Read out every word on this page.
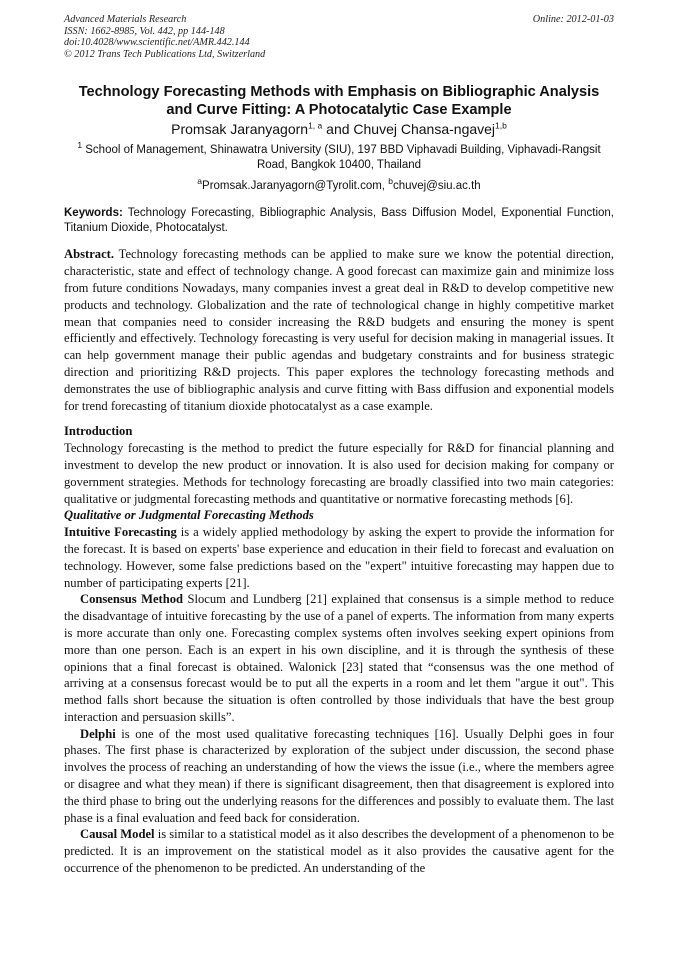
Advanced Materials Research
ISSN: 1662-8985, Vol. 442, pp 144-148
doi:10.4028/www.scientific.net/AMR.442.144
© 2012 Trans Tech Publications Ltd, Switzerland
Online: 2012-01-03
Technology Forecasting Methods with Emphasis on Bibliographic Analysis and Curve Fitting: A Photocatalytic Case Example
Promsak Jaranyagorn$^{1, a}$ and Chuvej Chansa-ngavej$^{1,b}$
$^1$ School of Management, Shinawatra University (SIU), 197 BBD Viphavadi Building, Viphavadi-Rangsit Road, Bangkok 10400, Thailand
$^a$Promsak.Jaranyagorn@Tyrolit.com, $^b$chuvej@siu.ac.th
Keywords: Technology Forecasting, Bibliographic Analysis, Bass Diffusion Model, Exponential Function, Titanium Dioxide, Photocatalyst.

Abstract. Technology forecasting methods can be applied to make sure we know the potential direction, characteristic, state and effect of technology change. A good forecast can maximize gain and minimize loss from future conditions Nowadays, many companies invest a great deal in R&D to develop competitive new products and technology. Globalization and the rate of technological change in highly competitive market mean that companies need to consider increasing the R&D budgets and ensuring the money is spent efficiently and effectively. Technology forecasting is very useful for decision making in managerial issues. It can help government manage their public agendas and budgetary constraints and for business strategic direction and prioritizing R&D projects. This paper explores the technology forecasting methods and demonstrates the use of bibliographic analysis and curve fitting with Bass diffusion and exponential models for trend forecasting of titanium dioxide photocatalyst as a case example.

Introduction

Technology forecasting is the method to predict the future especially for R&D for financial planning and investment to develop the new product or innovation. It is also used for decision making for company or government strategies. Methods for technology forecasting are broadly classified into two main categories: qualitative or judgmental forecasting methods and quantitative or normative forecasting methods [6].

Qualitative or Judgmental Forecasting Methods

Intuitive Forecasting is a widely applied methodology by asking the expert to provide the information for the forecast. It is based on experts' base experience and education in their field to forecast and evaluation on technology. However, some false predictions based on the "expert" intuitive forecasting may happen due to number of participating experts [21].

Consensus Method Slocum and Lundberg [21] explained that consensus is a simple method to reduce the disadvantage of intuitive forecasting by the use of a panel of experts. The information from many experts is more accurate than only one. Forecasting complex systems often involves seeking expert opinions from more than one person. Each is an expert in his own discipline, and it is through the synthesis of these opinions that a final forecast is obtained. Walonick [23] stated that “consensus was the one method of arriving at a consensus forecast would be to put all the experts in a room and let them "argue it out". This method falls short because the situation is often controlled by those individuals that have the best group interaction and persuasion skills”.

Delphi is one of the most used qualitative forecasting techniques [16]. Usually Delphi goes in four phases. The first phase is characterized by exploration of the subject under discussion, the second phase involves the process of reaching an understanding of how the views the issue (i.e., where the members agree or disagree and what they mean) if there is significant disagreement, then that disagreement is explored into the third phase to bring out the underlying reasons for the differences and possibly to evaluate them. The last phase is a final evaluation and feed back for consideration.

Causal Model is similar to a statistical model as it also describes the development of a phenomenon to be predicted. It is an improvement on the statistical model as it also provides the causative agent for the occurrence of the phenomenon to be predicted. An understanding of the
